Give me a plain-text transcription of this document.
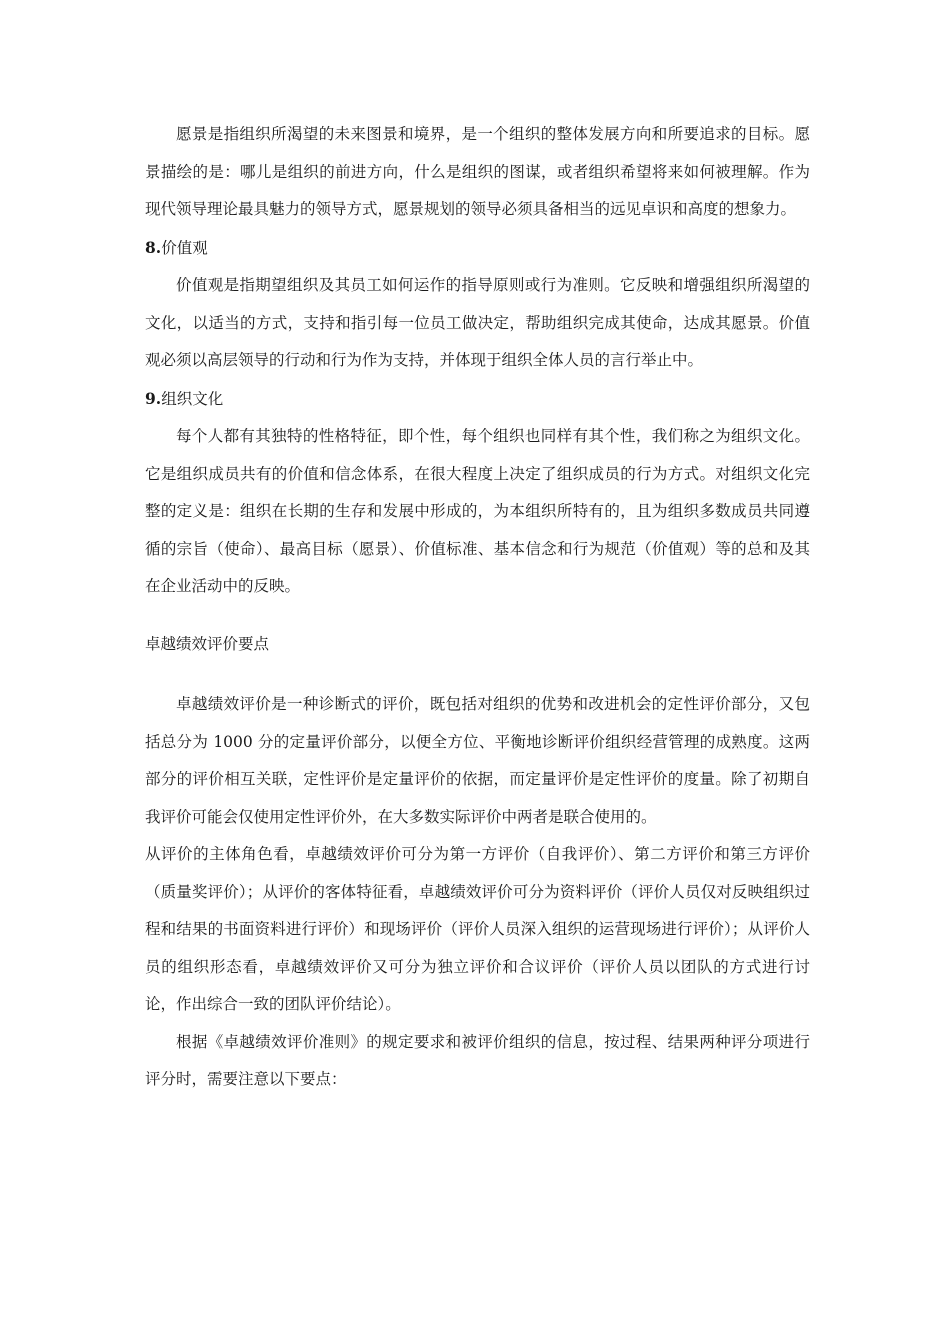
愿景是指组织所渴望的未来图景和境界，是一个组织的整体发展方向和所要追求的目标。愿景描绘的是：哪儿是组织的前进方向，什么是组织的图谋，或者组织希望将来如何被理解。作为现代领导理论最具魅力的领导方式，愿景规划的领导必须具备相当的远见卓识和高度的想象力。

8.价值观

价值观是指期望组织及其员工如何运作的指导原则或行为准则。它反映和增强组织所渴望的文化，以适当的方式，支持和指引每一位员工做决定，帮助组织完成其使命，达成其愿景。价值观必须以高层领导的行动和行为作为支持，并体现于组织全体人员的言行举止中。

9.组织文化

每个人都有其独特的性格特征，即个性，每个组织也同样有其个性，我们称之为组织文化。它是组织成员共有的价值和信念体系，在很大程度上决定了组织成员的行为方式。对组织文化完整的定义是：组织在长期的生存和发展中形成的，为本组织所特有的，且为组织多数成员共同遵循的宗旨（使命）、最高目标（愿景）、价值标准、基本信念和行为规范（价值观）等的总和及其在企业活动中的反映。

卓越绩效评价要点

卓越绩效评价是一种诊断式的评价，既包括对组织的优势和改进机会的定性评价部分，又包括总分为 1000 分的定量评价部分，以便全方位、平衡地诊断评价组织经营管理的成熟度。这两部分的评价相互关联，定性评价是定量评价的依据，而定量评价是定性评价的度量。除了初期自我评价可能会仅使用定性评价外，在大多数实际评价中两者是联合使用的。

从评价的主体角色看，卓越绩效评价可分为第一方评价（自我评价）、第二方评价和第三方评价（质量奖评价）；从评价的客体特征看，卓越绩效评价可分为资料评价（评价人员仅对反映组织过程和结果的书面资料进行评价）和现场评价（评价人员深入组织的运营现场进行评价）；从评价人员的组织形态看，卓越绩效评价又可分为独立评价和合议评价（评价人员以团队的方式进行讨论，作出综合一致的团队评价结论）。

根据《卓越绩效评价准则》的规定要求和被评价组织的信息，按过程、结果两种评分项进行评分时，需要注意以下要点：
